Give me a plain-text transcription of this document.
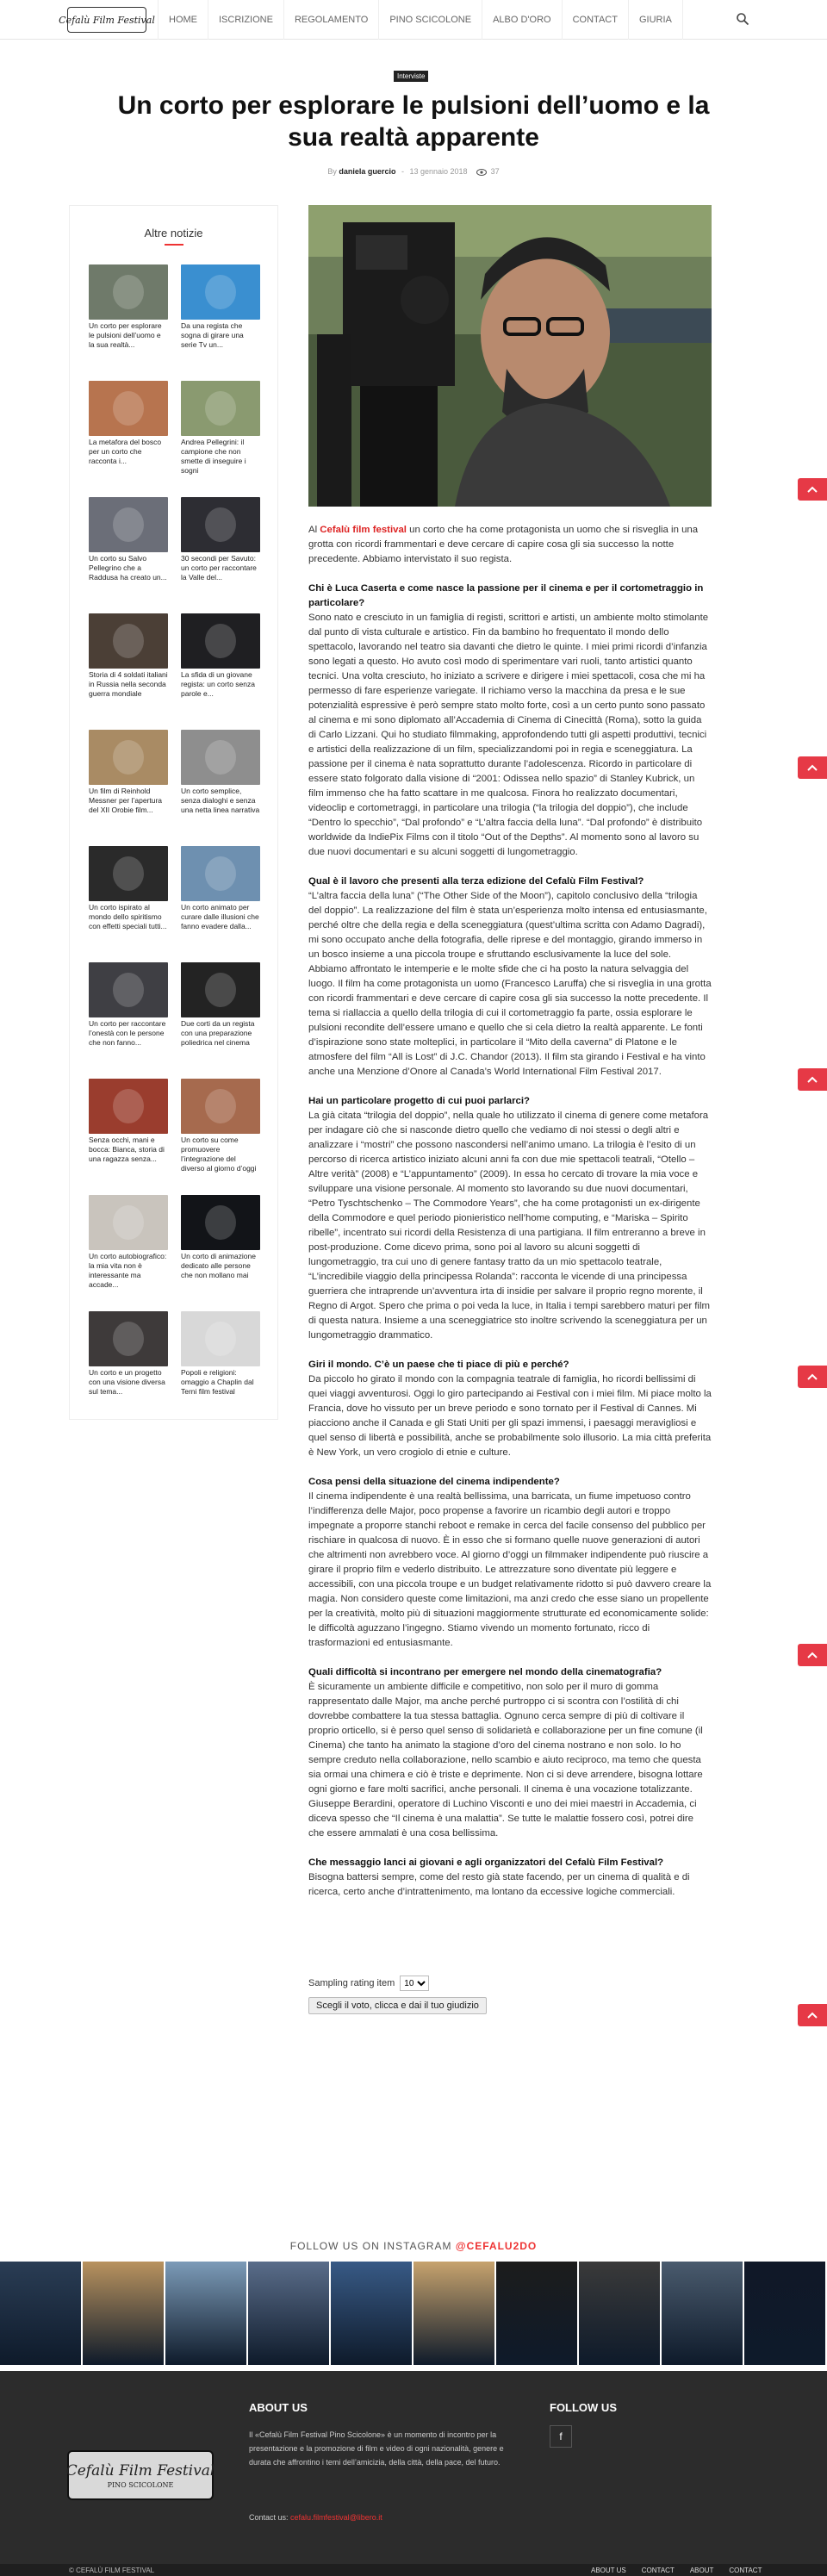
Cefalù Film Festival	HOME	ISCRIZIONE	REGOLAMENTO	PINO SCICOLONE	ALBO D'ORO	CONTACT	GIURIA
Interviste
Un corto per esplorare le pulsioni dell’uomo e la sua realtà apparente
By daniela guercio - 13 gennaio 2018	37
Altre notizie
Un corto per esplorare le pulsioni dell’uomo e la sua realtà...
Da una regista che sogna di girare una serie Tv un...
La metafora del bosco per un corto che racconta i...
Andrea Pellegrini: il campione che non smette di inseguire i sogni
Un corto su Salvo Pellegrino che a Raddusa ha creato un...
30 secondi per Savuto: un corto per raccontare la Valle del...
Storia di 4 soldati italiani in Russia nella seconda guerra mondiale
La sfida di un giovane regista: un corto senza parole e...
Un film di Reinhold Messner per l’apertura del XII Orobie film...
Un corto semplice, senza dialoghi e senza una netta linea narrativa
Un corto ispirato al mondo dello spiritismo con effetti speciali tutti...
Un corto animato per curare dalle illusioni che fanno evadere dalla...
Un corto per raccontare l’onestà con le persone che non fanno...
Due corti da un regista con una preparazione poliedrica nel cinema
Senza occhi, mani e bocca: Bianca, storia di una ragazza senza...
Un corto su come promuovere l’integrazione del diverso al giorno d’oggi
Un corto autobiografico: la mia vita non è interessante ma accade...
Un corto di animazione dedicato alle persone che non mollano mai
Un corto e un progetto con una visione diversa sul tema...
Popoli e religioni: omaggio a Chaplin dal Terni film festival

Al Cefalù film festival un corto che ha come protagonista un uomo che si risveglia in una grotta con ricordi frammentari e deve cercare di capire cosa gli sia successo la notte precedente. Abbiamo intervistato il suo regista.

Chi è Luca Caserta e come nasce la passione per il cinema e per il cortometraggio in particolare?

Sono nato e cresciuto in un famiglia di registi, scrittori e artisti, un ambiente molto stimolante dal punto di vista culturale e artistico. Fin da bambino ho frequentato il mondo dello spettacolo, lavorando nel teatro sia davanti che dietro le quinte. I miei primi ricordi d’infanzia sono legati a questo. Ho avuto così modo di sperimentare vari ruoli, tanto artistici quanto tecnici. Una volta cresciuto, ho iniziato a scrivere e dirigere i miei spettacoli, cosa che mi ha permesso di fare esperienze variegate. Il richiamo verso la macchina da presa e le sue potenzialità espressive è però sempre stato molto forte, così a un certo punto sono passato al cinema e mi sono diplomato all’Accademia di Cinema di Cinecittà (Roma), sotto la guida di Carlo Lizzani. Qui ho studiato filmmaking, approfondendo tutti gli aspetti produttivi, tecnici e artistici della realizzazione di un film, specializzandomi poi in regia e sceneggiatura. La passione per il cinema è nata soprattutto durante l’adolescenza. Ricordo in particolare di essere stato folgorato dalla visione di “2001: Odissea nello spazio” di Stanley Kubrick, un film immenso che ha fatto scattare in me qualcosa. Finora ho realizzato documentari, videoclip e cortometraggi, in particolare una trilogia (“la trilogia del doppio”), che include “Dentro lo specchio”, “Dal profondo” e “L’altra faccia della luna”. “Dal profondo” è distribuito worldwide da IndiePix Films con il titolo “Out of the Depths”. Al momento sono al lavoro su due nuovi documentari e su alcuni soggetti di lungometraggio.

Qual è il lavoro che presenti alla terza edizione del Cefalù Film Festival?

“L’altra faccia della luna” (“The Other Side of the Moon”), capitolo conclusivo della “trilogia del doppio”. La realizzazione del film è stata un’esperienza molto intensa ed entusiasmante, perché oltre che della regia e della sceneggiatura (quest’ultima scritta con Adamo Dagradi), mi sono occupato anche della fotografia, delle riprese e del montaggio, girando immerso in un bosco insieme a una piccola troupe e sfruttando esclusivamente la luce del sole. Abbiamo affrontato le intemperie e le molte sfide che ci ha posto la natura selvaggia del luogo. Il film ha come protagonista un uomo (Francesco Laruffa) che si risveglia in una grotta con ricordi frammentari e deve cercare di capire cosa gli sia successo la notte precedente. Il tema si riallaccia a quello della trilogia di cui il cortometraggio fa parte, ossia esplorare le pulsioni recondite dell’essere umano e quello che si cela dietro la realtà apparente. Le fonti d’ispirazione sono state molteplici, in particolare il “Mito della caverna” di Platone e le atmosfere del film “All is Lost” di J.C. Chandor (2013). Il film sta girando i Festival e ha vinto anche una Menzione d’Onore al Canada’s World International Film Festival 2017.

Hai un particolare progetto di cui puoi parlarci?

La già citata “trilogia del doppio”, nella quale ho utilizzato il cinema di genere come metafora per indagare ciò che si nasconde dietro quello che vediamo di noi stessi o degli altri e analizzare i “mostri” che possono nascondersi nell’animo umano. La trilogia è l’esito di un percorso di ricerca artistico iniziato alcuni anni fa con due mie spettacoli teatrali, “Otello – Altre verità” (2008) e “L’appuntamento” (2009). In essa ho cercato di trovare la mia voce e sviluppare una visione personale. Al momento sto lavorando su due nuovi documentari, “Petro Tyschtschenko – The Commodore Years”, che ha come protagonisti un ex-dirigente della Commodore e quel periodo pionieristico nell’home computing, e “Mariska – Spirito ribelle”, incentrato sui ricordi della Resistenza di una partigiana. Il film entreranno a breve in post-produzione. Come dicevo prima, sono poi al lavoro su alcuni soggetti di lungometraggio, tra cui uno di genere fantasy tratto da un mio spettacolo teatrale, “L’incredibile viaggio della principessa Rolanda”: racconta le vicende di una principessa guerriera che intraprende un’avventura irta di insidie per salvare il proprio regno morente, il Regno di Argot. Spero che prima o poi veda la luce, in Italia i tempi sarebbero maturi per film di questa natura. Insieme a una sceneggiatrice sto inoltre scrivendo la sceneggiatura per un lungometraggio drammatico.

Giri il mondo. C’è un paese che ti piace di più e perché?

Da piccolo ho girato il mondo con la compagnia teatrale di famiglia, ho ricordi bellissimi di quei viaggi avventurosi. Oggi lo giro partecipando ai Festival con i miei film. Mi piace molto la Francia, dove ho vissuto per un breve periodo e sono tornato per il Festival di Cannes. Mi piacciono anche il Canada e gli Stati Uniti per gli spazi immensi, i paesaggi meravigliosi e quel senso di libertà e possibilità, anche se probabilmente solo illusorio. La mia città preferita è New York, un vero crogiolo di etnie e culture.

Cosa pensi della situazione del cinema indipendente?

Il cinema indipendente è una realtà bellissima, una barricata, un fiume impetuoso contro l’indifferenza delle Major, poco propense a favorire un ricambio degli autori e troppo impegnate a proporre stanchi reboot e remake in cerca del facile consenso del pubblico per rischiare in qualcosa di nuovo. È in esso che si formano quelle nuove generazioni di autori che altrimenti non avrebbero voce. Al giorno d’oggi un filmmaker indipendente può riuscire a girare il proprio film e vederlo distribuito. Le attrezzature sono diventate più leggere e accessibili, con una piccola troupe e un budget relativamente ridotto si può davvero creare la magia. Non considero queste come limitazioni, ma anzi credo che esse siano un propellente per la creatività, molto più di situazioni maggiormente strutturate ed economicamente solide: le difficoltà aguzzano l’ingegno. Stiamo vivendo un momento fortunato, ricco di trasformazioni ed entusiasmante.

Quali difficoltà si incontrano per emergere nel mondo della cinematografia?

È sicuramente un ambiente difficile e competitivo, non solo per il muro di gomma rappresentato dalle Major, ma anche perché purtroppo ci si scontra con l’ostilità di chi dovrebbe combattere la tua stessa battaglia. Ognuno cerca sempre di più di coltivare il proprio orticello, si è perso quel senso di solidarietà e collaborazione per un fine comune (il Cinema) che tanto ha animato la stagione d’oro del cinema nostrano e non solo. Io ho sempre creduto nella collaborazione, nello scambio e aiuto reciproco, ma temo che questa sia ormai una chimera e ciò è triste e deprimente. Non ci si deve arrendere, bisogna lottare ogni giorno e fare molti sacrifici, anche personali. Il cinema è una vocazione totalizzante. Giuseppe Berardini, operatore di Luchino Visconti e uno dei miei maestri in Accademia, ci diceva spesso che “Il cinema è una malattia”. Se tutte le malattie fossero così, potrei dire che essere ammalati è una cosa bellissima.

Che messaggio lanci ai giovani e agli organizzatori del Cefalù Film Festival?

Bisogna battersi sempre, come del resto già state facendo, per un cinema di qualità e di ricerca, certo anche d’intrattenimento, ma lontano da eccessive logiche commerciali.

Sampling rating item
10
Scegli il voto, clicca e dai il tuo giudizio
FOLLOW US ON INSTAGRAM @CEFALU2DO
Cefalù Film Festival
PINO SCICOLONE
ABOUT US
Il «Cefalù Film Festival Pino Scicolone» è un momento di incontro per la presentazione e la promozione di film e video di ogni nazionalità, genere e durata che affrontino i temi dell’amicizia, della città, della pace, del futuro.
Contact us: cefalu.filmfestival@libero.it
FOLLOW US
f
© CEFALÙ FILM FESTIVAL	ABOUT US CONTACT ABOUT CONTACT
